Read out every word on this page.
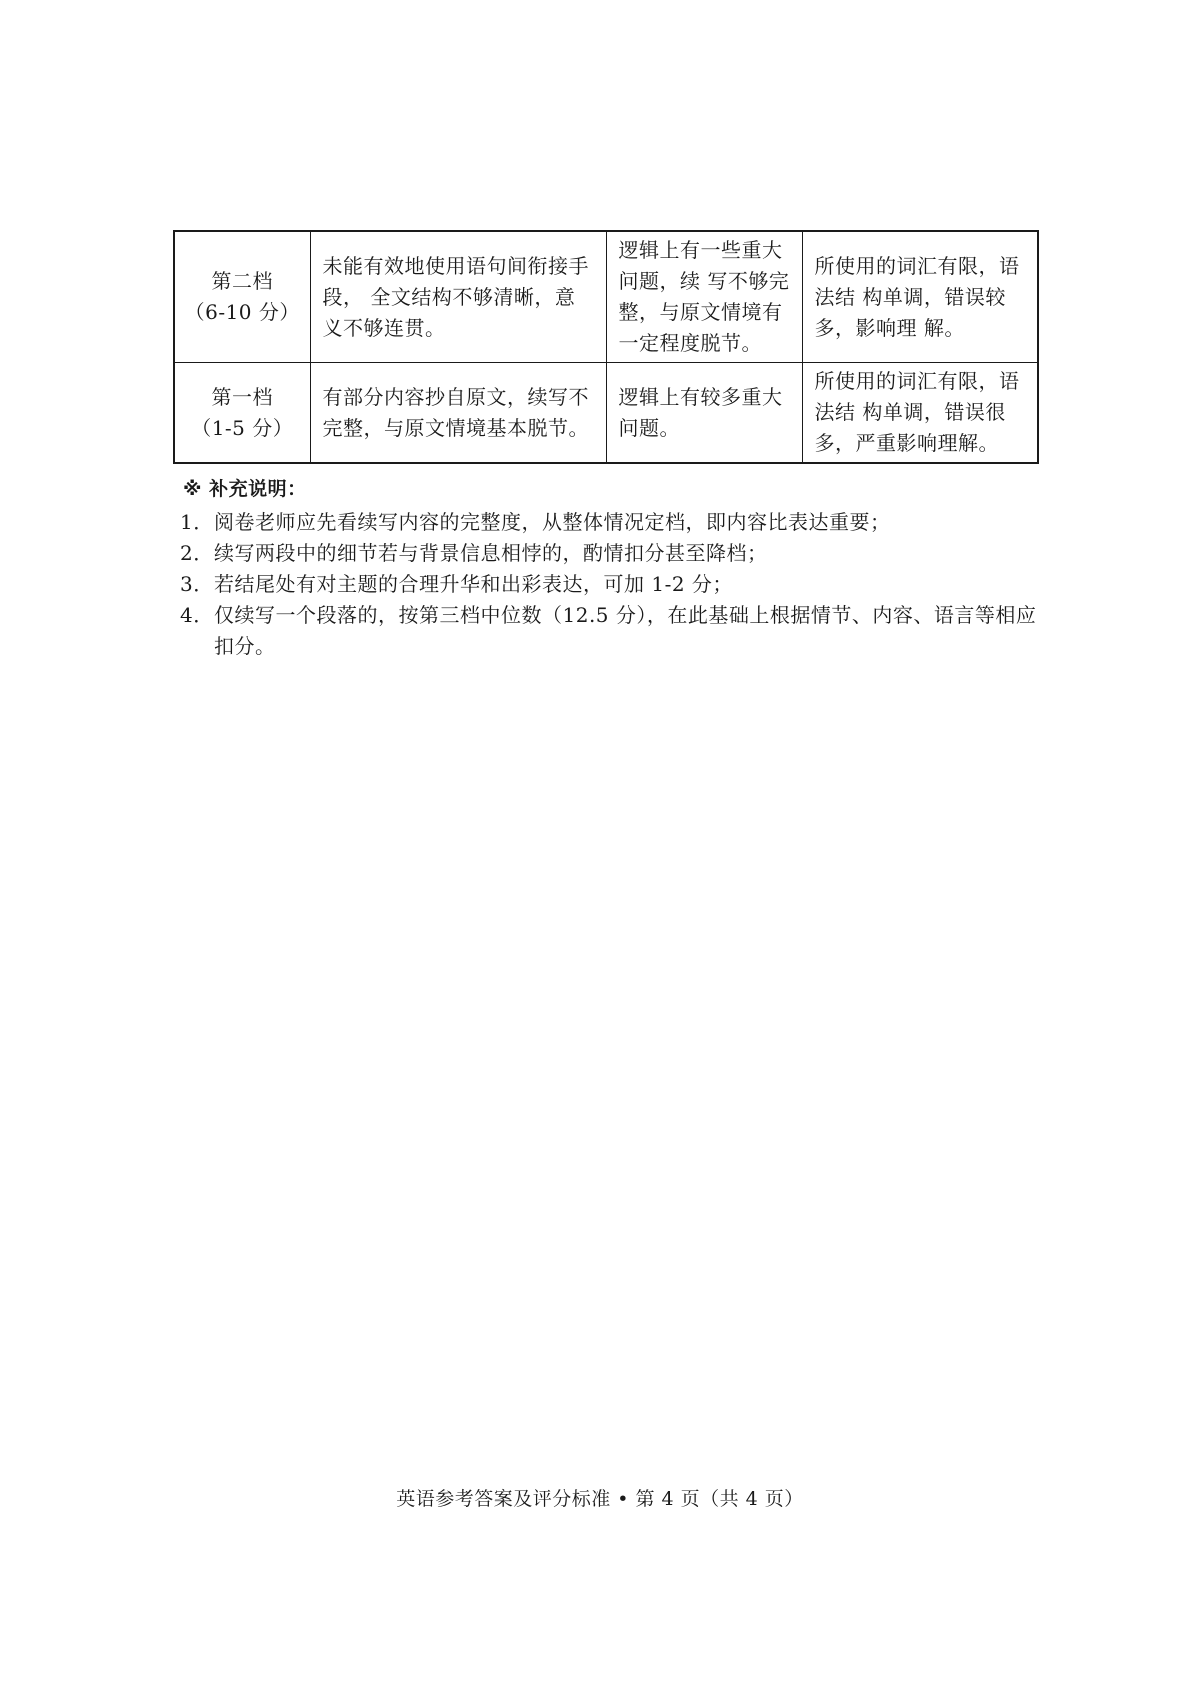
第二档
（6-10 分）	未能有效地使用语句间衔接手段， 全文结构不够清晰，意义不够连贯。	逻辑上有一些重大问题，续 写不够完整，与原文情境有一定程度脱节。	所使用的词汇有限，语法结 构单调，错误较多，影响理 解。

第一档
（1-5 分）	有部分内容抄自原文，续写不完整，与原文情境基本脱节。	逻辑上有较多重大问题。	所使用的词汇有限，语法结 构单调，错误很多，严重影响理解。
※ 补充说明：
1． 阅卷老师应先看续写内容的完整度，从整体情况定档，即内容比表达重要；
2． 续写两段中的细节若与背景信息相悖的，酌情扣分甚至降档；
3． 若结尾处有对主题的合理升华和出彩表达，可加 1-2 分；
4． 仅续写一个段落的，按第三档中位数（12.5 分），在此基础上根据情节、内容、语言等相应扣分。
英语参考答案及评分标准 • 第 4 页（共 4 页）
